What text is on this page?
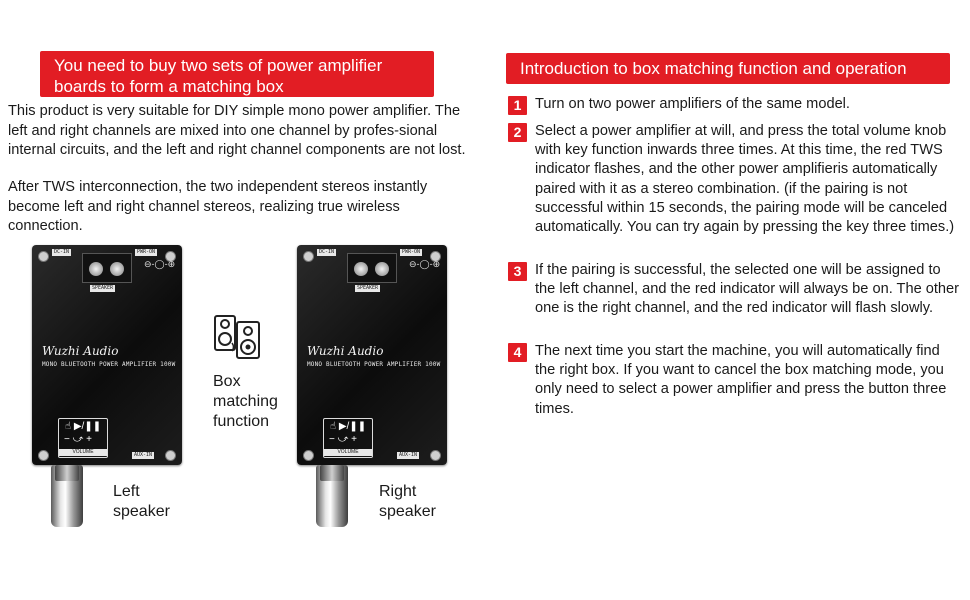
You need to buy two sets of power amplifier boards to form a matching box

This product is very suitable for DIY simple mono power amplifier. The left and right channels are mixed into one channel by profes-sional internal circuits, and the left and right channel components are not lost.

After TWS interconnection, the two independent stereos instantly become left and right channel stereos, realizing true wireless connection.

Introduction to box matching function and operation
1 Turn on two power amplifiers of the same model.

2 Select a power amplifier at will, and press the total volume knob with key function inwards three times. At this time, the red TWS indicator flashes, and the other power amplifieris automatically paired with it as a stereo combination. (if the pairing is not successful within 15 seconds, the pairing mode will be canceled automatically. You can try again by pressing the key three times.)

3 If the pairing is successful, the selected one will be assigned to the left channel, and the red indicator will always be on. The other one is the right channel, and the red indicator will flash slowly.

4 The next time you start the machine, you will automatically find the right box. If you want to cancel the box matching mode, you only need to select a power amplifier and press the button three times.

DC-IN	PWR-ON
SPEAKER
⊖-◯-⊕
Wuzhi Audio
MONO BLUETOOTH POWER AMPLIFIER 100W
☝ ▶/❚❚
− ⤻ +
VOLUME	AUX-IN
DC-IN	PWR-ON
SPEAKER
⊖-◯-⊕
Wuzhi Audio
MONO BLUETOOTH POWER AMPLIFIER 100W
☝ ▶/❚❚
− ⤻ +
VOLUME	AUX-IN
Box matching function
Left speaker
Right speaker
